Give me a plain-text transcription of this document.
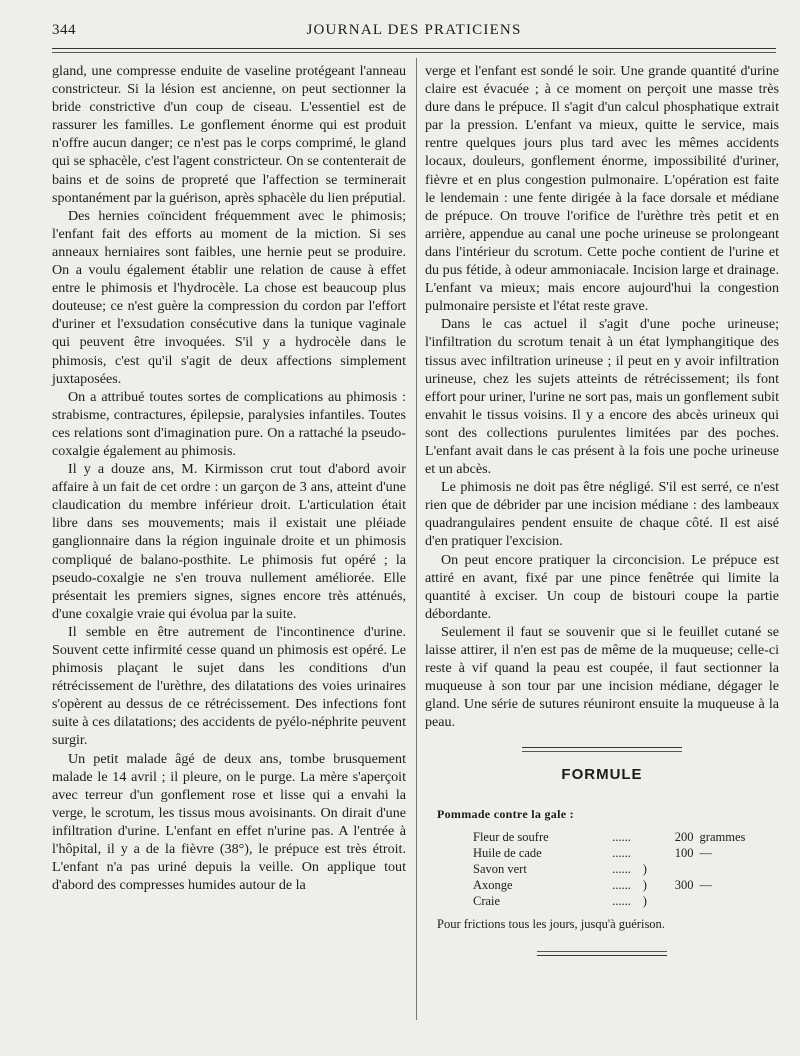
344	JOURNAL DES PRATICIENS

gland, une compresse enduite de vaseline protégeant l'anneau constricteur. Si la lésion est ancienne, on peut sectionner la bride constrictive d'un coup de ciseau. L'essentiel est de rassurer les familles. Le gonflement énorme qui est produit n'offre aucun danger; ce n'est pas le corps comprimé, le gland qui se sphacèle, c'est l'agent constricteur. On se contenterait de bains et de soins de propreté que l'affection se terminerait spontanément par la guérison, après sphacèle du lien préputial.

Des hernies coïncident fréquemment avec le phimosis; l'enfant fait des efforts au moment de la miction. Si ses anneaux herniaires sont faibles, une hernie peut se produire. On a voulu également établir une relation de cause à effet entre le phimosis et l'hydrocèle. La chose est beaucoup plus douteuse; ce n'est guère la compression du cordon par l'effort d'uriner et l'exsudation consécutive dans la tunique vaginale qui peuvent être invoquées. S'il y a hydrocèle dans le phimosis, c'est qu'il s'agit de deux affections simplement juxtaposées.

On a attribué toutes sortes de complications au phimosis : strabisme, contractures, épilepsie, paralysies infantiles. Toutes ces relations sont d'imagination pure. On a rattaché la pseudo-coxalgie également au phimosis.

Il y a douze ans, M. Kirmisson crut tout d'abord avoir affaire à un fait de cet ordre : un garçon de 3 ans, atteint d'une claudication du membre inférieur droit. L'articulation était libre dans ses mouvements; mais il existait une pléiade ganglionnaire dans la région inguinale droite et un phimosis compliqué de balano-posthite. Le phimosis fut opéré ; la pseudo-coxalgie ne s'en trouva nullement améliorée. Elle présentait les premiers signes, signes encore très atténués, d'une coxalgie vraie qui évolua par la suite.

Il semble en être autrement de l'incontinence d'urine. Souvent cette infirmité cesse quand un phimosis est opéré. Le phimosis plaçant le sujet dans les conditions d'un rétrécissement de l'urèthre, des dilatations des voies urinaires s'opèrent au dessus de ce rétrécissement. Des infections font suite à ces dilatations; des accidents de pyélo-néphrite peuvent surgir.

Un petit malade âgé de deux ans, tombe brusquement malade le 14 avril ; il pleure, on le purge. La mère s'aperçoit avec terreur d'un gonflement rose et lisse qui a envahi la verge, le scrotum, les tissus mous avoisinants. On dirait d'une infiltration d'urine. L'enfant en effet n'urine pas. A l'entrée à l'hôpital, il y a de la fièvre (38°), le prépuce est très étroit. L'enfant n'a pas uriné depuis la veille. On applique tout d'abord des compresses humides autour de la

verge et l'enfant est sondé le soir. Une grande quantité d'urine claire est évacuée ; à ce moment on perçoit une masse très dure dans le prépuce. Il s'agit d'un calcul phosphatique extrait par la pression. L'enfant va mieux, quitte le service, mais rentre quelques jours plus tard avec les mêmes accidents locaux, douleurs, gonflement énorme, impossibilité d'uriner, fièvre et en plus congestion pulmonaire. L'opération est faite le lendemain : une fente dirigée à la face dorsale et médiane de prépuce. On trouve l'orifice de l'urèthre très petit et en arrière, appendue au canal une poche urineuse se prolongeant dans l'intérieur du scrotum. Cette poche contient de l'urine et du pus fétide, à odeur ammoniacale. Incision large et drainage. L'enfant va mieux; mais encore aujourd'hui la congestion pulmonaire persiste et l'état reste grave.

Dans le cas actuel il s'agit d'une poche urineuse; l'infiltration du scrotum tenait à un état lymphangitique des tissus avec infiltration urineuse ; il peut en y avoir infiltration urineuse, chez les sujets atteints de rétrécissement; ils font effort pour uriner, l'urine ne sort pas, mais un gonflement subit envahit le tissus voisins. Il y a encore des abcès urineux qui sont des collections purulentes limitées par des poches. L'enfant avait dans le cas présent à la fois une poche urineuse et un abcès.

Le phimosis ne doit pas être négligé. S'il est serré, ce n'est rien que de débrider par une incision médiane : des lambeaux quadrangulaires pendent ensuite de chaque côté. Il est aisé d'en pratiquer l'excision.

On peut encore pratiquer la circoncision. Le prépuce est attiré en avant, fixé par une pince fenêtrée qui limite la quantité à exciser. Un coup de bistouri coupe la partie débordante.

Seulement il faut se souvenir que si le feuillet cutané se laisse attirer, il n'en est pas de même de la muqueuse; celle-ci reste à vif quand la peau est coupée, il faut sectionner la muqueuse à son tour par une incision médiane, dégager le gland. Une série de sutures réuniront ensuite la muqueuse à la peau.

FORMULE
Pommade contre la gale :
Fleur de soufre	......	200 grammes
Huile de cade	......	100 —
Savon vert	...... )
Axonge	...... )	300 —
Craie	...... )
Pour frictions tous les jours, jusqu'à guérison.
